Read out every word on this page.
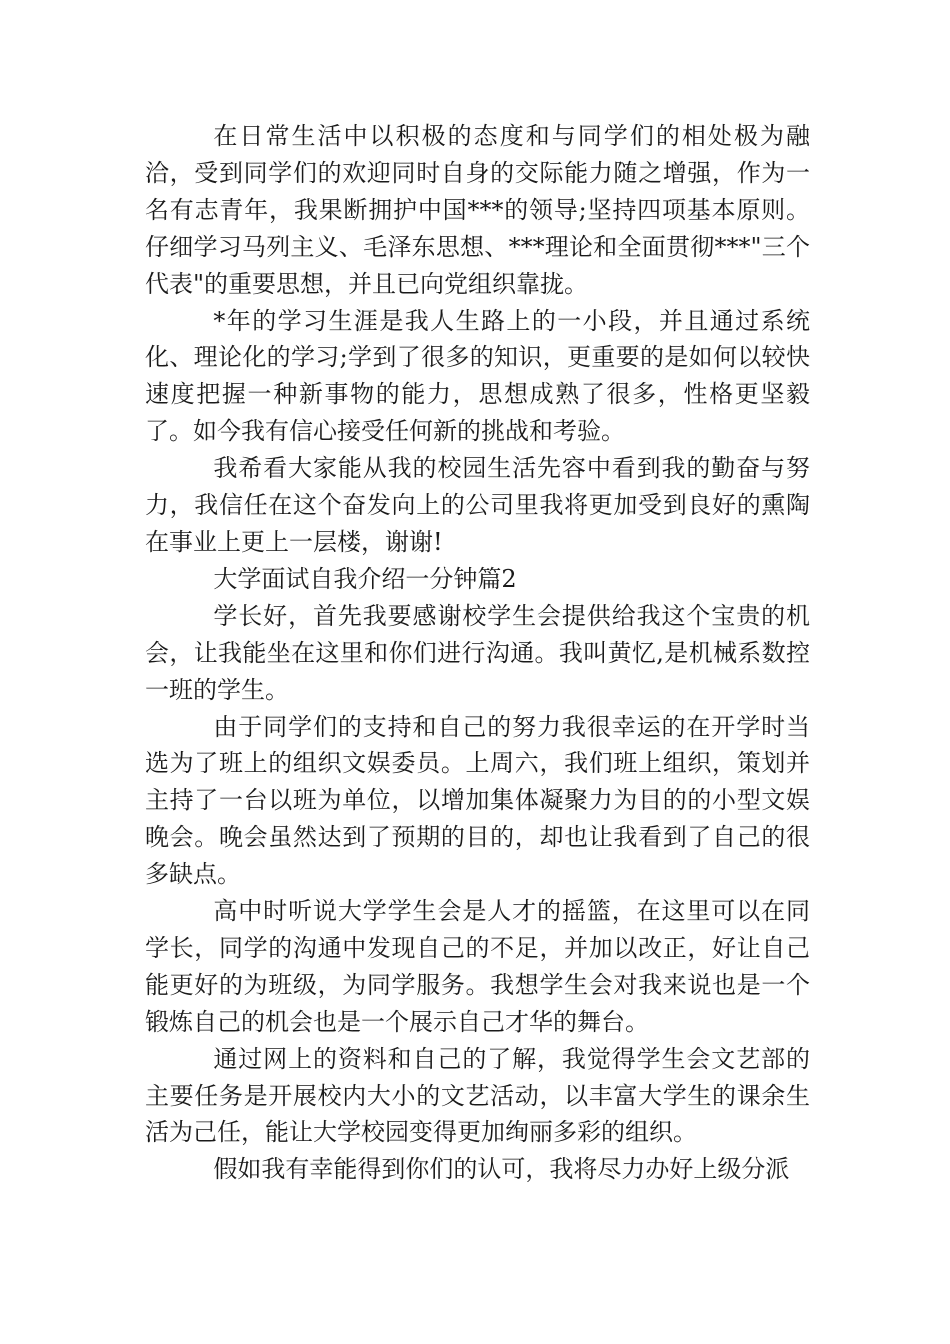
在日常生活中以积极的态度和与同学们的相处极为融洽，受到同学们的欢迎同时自身的交际能力随之增强，作为一名有志青年，我果断拥护中国***的领导;坚持四项基本原则。仔细学习马列主义、毛泽东思想、***理论和全面贯彻***"三个代表"的重要思想，并且已向党组织靠拢。

*年的学习生涯是我人生路上的一小段，并且通过系统化、理论化的学习;学到了很多的知识，更重要的是如何以较快速度把握一种新事物的能力，思想成熟了很多，性格更坚毅了。如今我有信心接受任何新的挑战和考验。

我希看大家能从我的校园生活先容中看到我的勤奋与努力，我信任在这个奋发向上的公司里我将更加受到良好的熏陶在事业上更上一层楼，谢谢!

大学面试自我介绍一分钟篇2

学长好，首先我要感谢校学生会提供给我这个宝贵的机会，让我能坐在这里和你们进行沟通。我叫黄忆,是机械系数控一班的学生。

由于同学们的支持和自己的努力我很幸运的在开学时当选为了班上的组织文娱委员。上周六，我们班上组织，策划并主持了一台以班为单位，以增加集体凝聚力为目的的小型文娱晚会。晚会虽然达到了预期的目的，却也让我看到了自己的很多缺点。

高中时听说大学学生会是人才的摇篮，在这里可以在同学长，同学的沟通中发现自己的不足，并加以改正，好让自己能更好的为班级，为同学服务。我想学生会对我来说也是一个锻炼自己的机会也是一个展示自己才华的舞台。

通过网上的资料和自己的了解，我觉得学生会文艺部的主要任务是开展校内大小的文艺活动，以丰富大学生的课余生活为己任，能让大学校园变得更加绚丽多彩的组织。

假如我有幸能得到你们的认可，我将尽力办好上级分派
